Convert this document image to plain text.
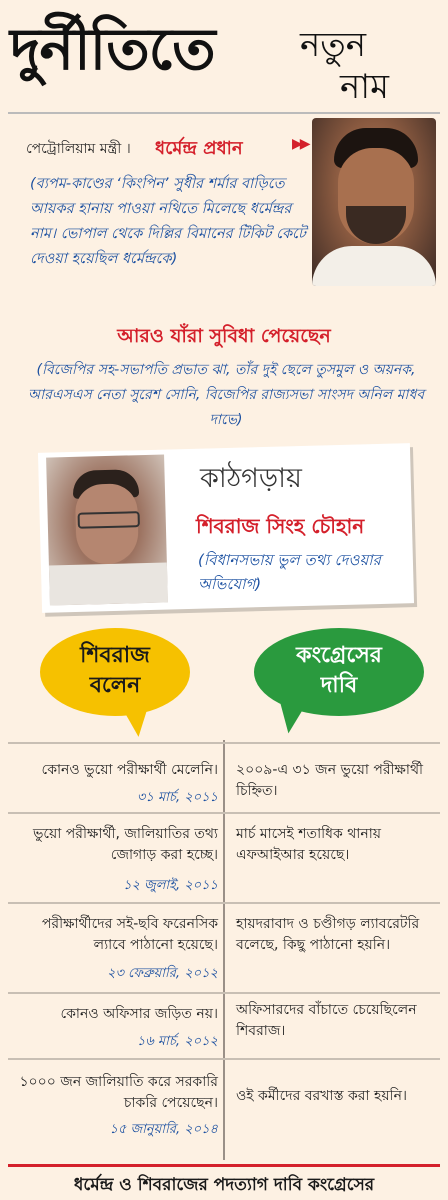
দুর্নীতিতে	নতুন
নাম
পেট্রোলিয়াম মন্ত্রী । ধর্মেন্দ্র প্রধান	▶▶
(ব্যপম-কাণ্ডের ‘কিংপিন’ সুধীর শর্মার বাড়িতে আয়কর হানায় পাওয়া নথিতে মিলেছে ধর্মেন্দ্রর নাম। ভোপাল থেকে দিল্লির বিমানের টিকিট কেটে দেওয়া হয়েছিল ধর্মেন্দ্রকে)
আরও যাঁরা সুবিধা পেয়েছেন
(বিজেপির সহ-সভাপতি প্রভাত ঝা, তাঁর দুই ছেলে তুসমুল ও অয়নক, আরএসএস নেতা সুরেশ সোনি, বিজেপির রাজ্যসভা সাংসদ অনিল মাধব দাভে)
কাঠগড়ায়
শিবরাজ সিংহ চৌহান
(বিধানসভায় ভুল তথ্য দেওয়ার অভিযোগ)
শিবরাজ
বলেন
কংগ্রেসের
দাবি
কোনও ভুয়ো পরীক্ষার্থী মেলেনি।
৩১ মার্চ, ২০১১
২০০৯-এ ৩১ জন ভুয়ো পরীক্ষার্থী চিহ্নিত।
ভুয়ো পরীক্ষার্থী, জালিয়াতির তথ্য জোগাড় করা হচ্ছে।
১২ জুলাই, ২০১১
মার্চ মাসেই শতাধিক থানায় এফআইআর হয়েছে।
পরীক্ষার্থীদের সই-ছবি ফরেনসিক ল্যাবে পাঠানো হয়েছে।
২৩ ফেব্রুয়ারি, ২০১২
হায়দরাবাদ ও চণ্ডীগড় ল্যাবরেটরি বলেছে, কিছু পাঠানো হয়নি।
কোনও অফিসার জড়িত নয়।
১৬ মার্চ, ২০১২
অফিসারদের বাঁচাতে চেয়েছিলেন শিবরাজ।
১০০০ জন জালিয়াতি করে সরকারি চাকরি পেয়েছেন।
১৫ জানুয়ারি, ২০১৪
ওই কর্মীদের বরখাস্ত করা হয়নি।
ধর্মেন্দ্র ও শিবরাজের পদত্যাগ দাবি কংগ্রেসের
